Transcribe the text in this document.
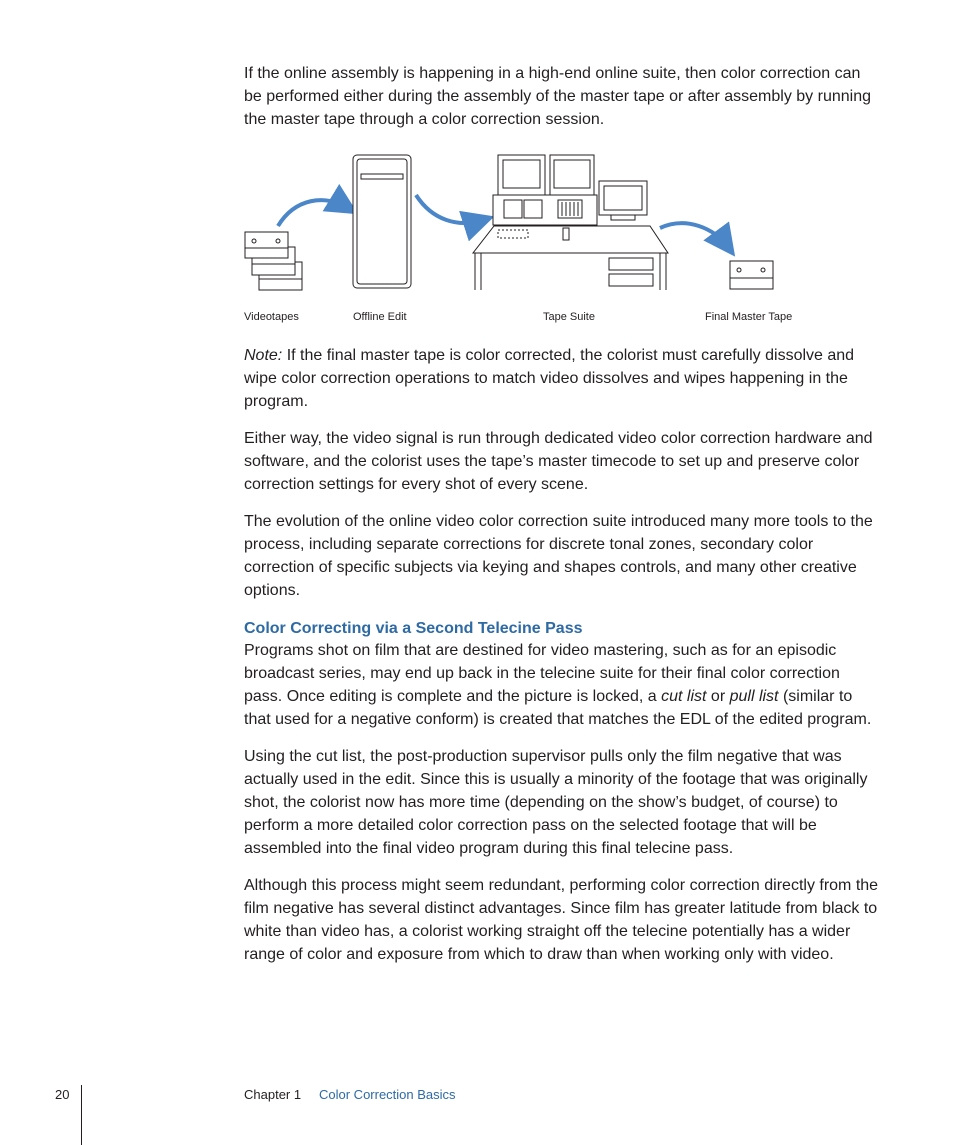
If the online assembly is happening in a high-end online suite, then color correction can be performed either during the assembly of the master tape or after assembly by running the master tape through a color correction session.

Videotapes	Offline Edit	Tape Suite	Final Master Tape

Note: If the final master tape is color corrected, the colorist must carefully dissolve and wipe color correction operations to match video dissolves and wipes happening in the program.

Either way, the video signal is run through dedicated video color correction hardware and software, and the colorist uses the tape’s master timecode to set up and preserve color correction settings for every shot of every scene.

The evolution of the online video color correction suite introduced many more tools to the process, including separate corrections for discrete tonal zones, secondary color correction of specific subjects via keying and shapes controls, and many other creative options.

Color Correcting via a Second Telecine Pass

Programs shot on film that are destined for video mastering, such as for an episodic broadcast series, may end up back in the telecine suite for their final color correction pass. Once editing is complete and the picture is locked, a cut list or pull list (similar to that used for a negative conform) is created that matches the EDL of the edited program.

Using the cut list, the post-production supervisor pulls only the film negative that was actually used in the edit. Since this is usually a minority of the footage that was originally shot, the colorist now has more time (depending on the show’s budget, of course) to perform a more detailed color correction pass on the selected footage that will be assembled into the final video program during this final telecine pass.

Although this process might seem redundant, performing color correction directly from the film negative has several distinct advantages. Since film has greater latitude from black to white than video has, a colorist working straight off the telecine potentially has a wider range of color and exposure from which to draw than when working only with video.

20	Chapter 1 Color Correction Basics
